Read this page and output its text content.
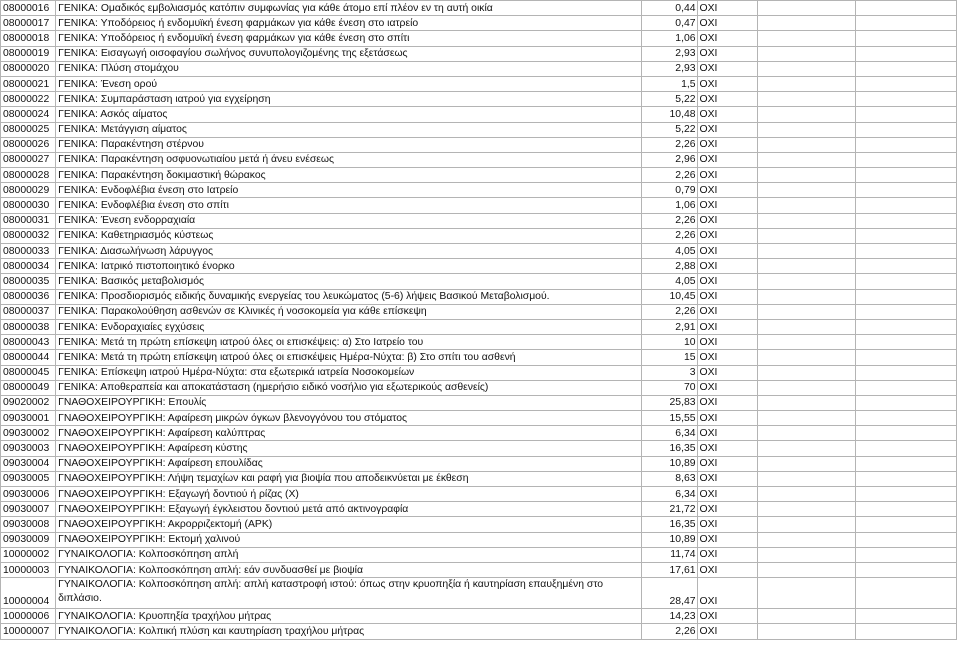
08000016	ΓΕΝΙΚΑ: Ομαδικός εμβολιασμός κατόπιν συμφωνίας για κάθε άτομο επί πλέον εν τη αυτή οικία	0,44	ΟΧΙ		
08000017	ΓΕΝΙΚΑ: Υποδόρειος ή ενδομυϊκή ένεση φαρμάκων για κάθε ένεση στο ιατρείο	0,47	ΟΧΙ		
08000018	ΓΕΝΙΚΑ: Υποδόρειος ή ενδομυϊκή ένεση φαρμάκων για κάθε ένεση στο σπίτι	1,06	ΟΧΙ		
08000019	ΓΕΝΙΚΑ: Εισαγωγή οισοφαγίου σωλήνος συνυπολογιζομένης της εξετάσεως	2,93	ΟΧΙ		
08000020	ΓΕΝΙΚΑ: Πλύση στομάχου	2,93	ΟΧΙ		
08000021	ΓΕΝΙΚΑ: Ένεση ορού	1,5	ΟΧΙ		
08000022	ΓΕΝΙΚΑ: Συμπαράσταση ιατρού για εγχείρηση	5,22	ΟΧΙ		
08000024	ΓΕΝΙΚΑ: Ασκός αίματος	10,48	ΟΧΙ		
08000025	ΓΕΝΙΚΑ: Μετάγγιση αίματος	5,22	ΟΧΙ		
08000026	ΓΕΝΙΚΑ: Παρακέντηση στέρνου	2,26	ΟΧΙ		
08000027	ΓΕΝΙΚΑ: Παρακέντηση οσφυονωτιαίου μετά ή άνευ ενέσεως	2,96	ΟΧΙ		
08000028	ΓΕΝΙΚΑ: Παρακέντηση δοκιμαστική θώρακος	2,26	ΟΧΙ		
08000029	ΓΕΝΙΚΑ: Ενδοφλέβια ένεση στο Ιατρείο	0,79	ΟΧΙ		
08000030	ΓΕΝΙΚΑ: Ενδοφλέβια ένεση στο σπίτι	1,06	ΟΧΙ		
08000031	ΓΕΝΙΚΑ: Ένεση ενδορραχιαία	2,26	ΟΧΙ		
08000032	ΓΕΝΙΚΑ: Καθετηριασμός κύστεως	2,26	ΟΧΙ		
08000033	ΓΕΝΙΚΑ: Διασωλήνωση λάρυγγος	4,05	ΟΧΙ		
08000034	ΓΕΝΙΚΑ: Ιατρικό πιστοποιητικό ένορκο	2,88	ΟΧΙ		
08000035	ΓΕΝΙΚΑ: Βασικός μεταβολισμός	4,05	ΟΧΙ		
08000036	ΓΕΝΙΚΑ: Προσδιορισμός ειδικής δυναμικής ενεργείας του λευκώματος (5-6) λήψεις Βασικού Μεταβολισμού.	10,45	ΟΧΙ		
08000037	ΓΕΝΙΚΑ: Παρακολούθηση ασθενών σε Κλινικές ή νοσοκομεία για κάθε επίσκεψη	2,26	ΟΧΙ		
08000038	ΓΕΝΙΚΑ: Ενδοραχιαίες εγχύσεις	2,91	ΟΧΙ		
08000043	ΓΕΝΙΚΑ: Μετά τη πρώτη επίσκεψη ιατρού όλες οι επισκέψεις: α) Στο Ιατρείο του	10	ΟΧΙ		
08000044	ΓΕΝΙΚΑ: Μετά τη πρώτη επίσκεψη ιατρού όλες οι επισκέψεις Ημέρα-Νύχτα: β) Στο σπίτι του ασθενή	15	ΟΧΙ		
08000045	ΓΕΝΙΚΑ: Επίσκεψη ιατρού Ημέρα-Νύχτα: στα εξωτερικά ιατρεία Νοσοκομείων	3	ΟΧΙ		
08000049	ΓΕΝΙΚΑ: Αποθεραπεία και αποκατάσταση (ημερήσιο ειδικό νοσήλιο για εξωτερικούς ασθενείς)	70	ΟΧΙ		
09020002	ΓΝΑΘΟΧΕΙΡΟΥΡΓΙΚΗ: Επουλίς	25,83	ΟΧΙ		
09030001	ΓΝΑΘΟΧΕΙΡΟΥΡΓΙΚΗ: Αφαίρεση μικρών όγκων βλενογγόνου του στόματος	15,55	ΟΧΙ		
09030002	ΓΝΑΘΟΧΕΙΡΟΥΡΓΙΚΗ: Αφαίρεση καλύπτρας	6,34	ΟΧΙ		
09030003	ΓΝΑΘΟΧΕΙΡΟΥΡΓΙΚΗ: Αφαίρεση κύστης	16,35	ΟΧΙ		
09030004	ΓΝΑΘΟΧΕΙΡΟΥΡΓΙΚΗ: Αφαίρεση επουλίδας	10,89	ΟΧΙ		
09030005	ΓΝΑΘΟΧΕΙΡΟΥΡΓΙΚΗ: Λήψη τεμαχίων και ραφή για βιοψία που αποδεικνύεται με έκθεση	8,63	ΟΧΙ		
09030006	ΓΝΑΘΟΧΕΙΡΟΥΡΓΙΚΗ: Εξαγωγή δοντιού ή ρίζας (Χ)	6,34	ΟΧΙ		
09030007	ΓΝΑΘΟΧΕΙΡΟΥΡΓΙΚΗ: Εξαγωγή έγκλειστου δοντιού μετά από ακτινογραφία	21,72	ΟΧΙ		
09030008	ΓΝΑΘΟΧΕΙΡΟΥΡΓΙΚΗ: Ακρορριζεκτομή (ΑΡΚ)	16,35	ΟΧΙ		
09030009	ΓΝΑΘΟΧΕΙΡΟΥΡΓΙΚΗ: Εκτομή χαλινού	10,89	ΟΧΙ		
10000002	ΓΥΝΑΙΚΟΛΟΓΙΑ: Κολποσκόπηση απλή	11,74	ΟΧΙ		
10000003	ΓΥΝΑΙΚΟΛΟΓΙΑ: Κολποσκόπηση απλή: εάν συνδυασθεί με βιοψία	17,61	ΟΧΙ		
10000004	ΓΥΝΑΙΚΟΛΟΓΙΑ: Κολποσκόπηση απλή: απλή καταστροφή ιστού: όπως στην κρυοπηξία ή καυτηρίαση επαυξημένη στο διπλάσιο.	28,47	ΟΧΙ		
10000006	ΓΥΝΑΙΚΟΛΟΓΙΑ: Κρυοπηξία τραχήλου μήτρας	14,23	ΟΧΙ		
10000007	ΓΥΝΑΙΚΟΛΟΓΙΑ: Κολπική πλύση και καυτηρίαση τραχήλου μήτρας	2,26	ΟΧΙ		
